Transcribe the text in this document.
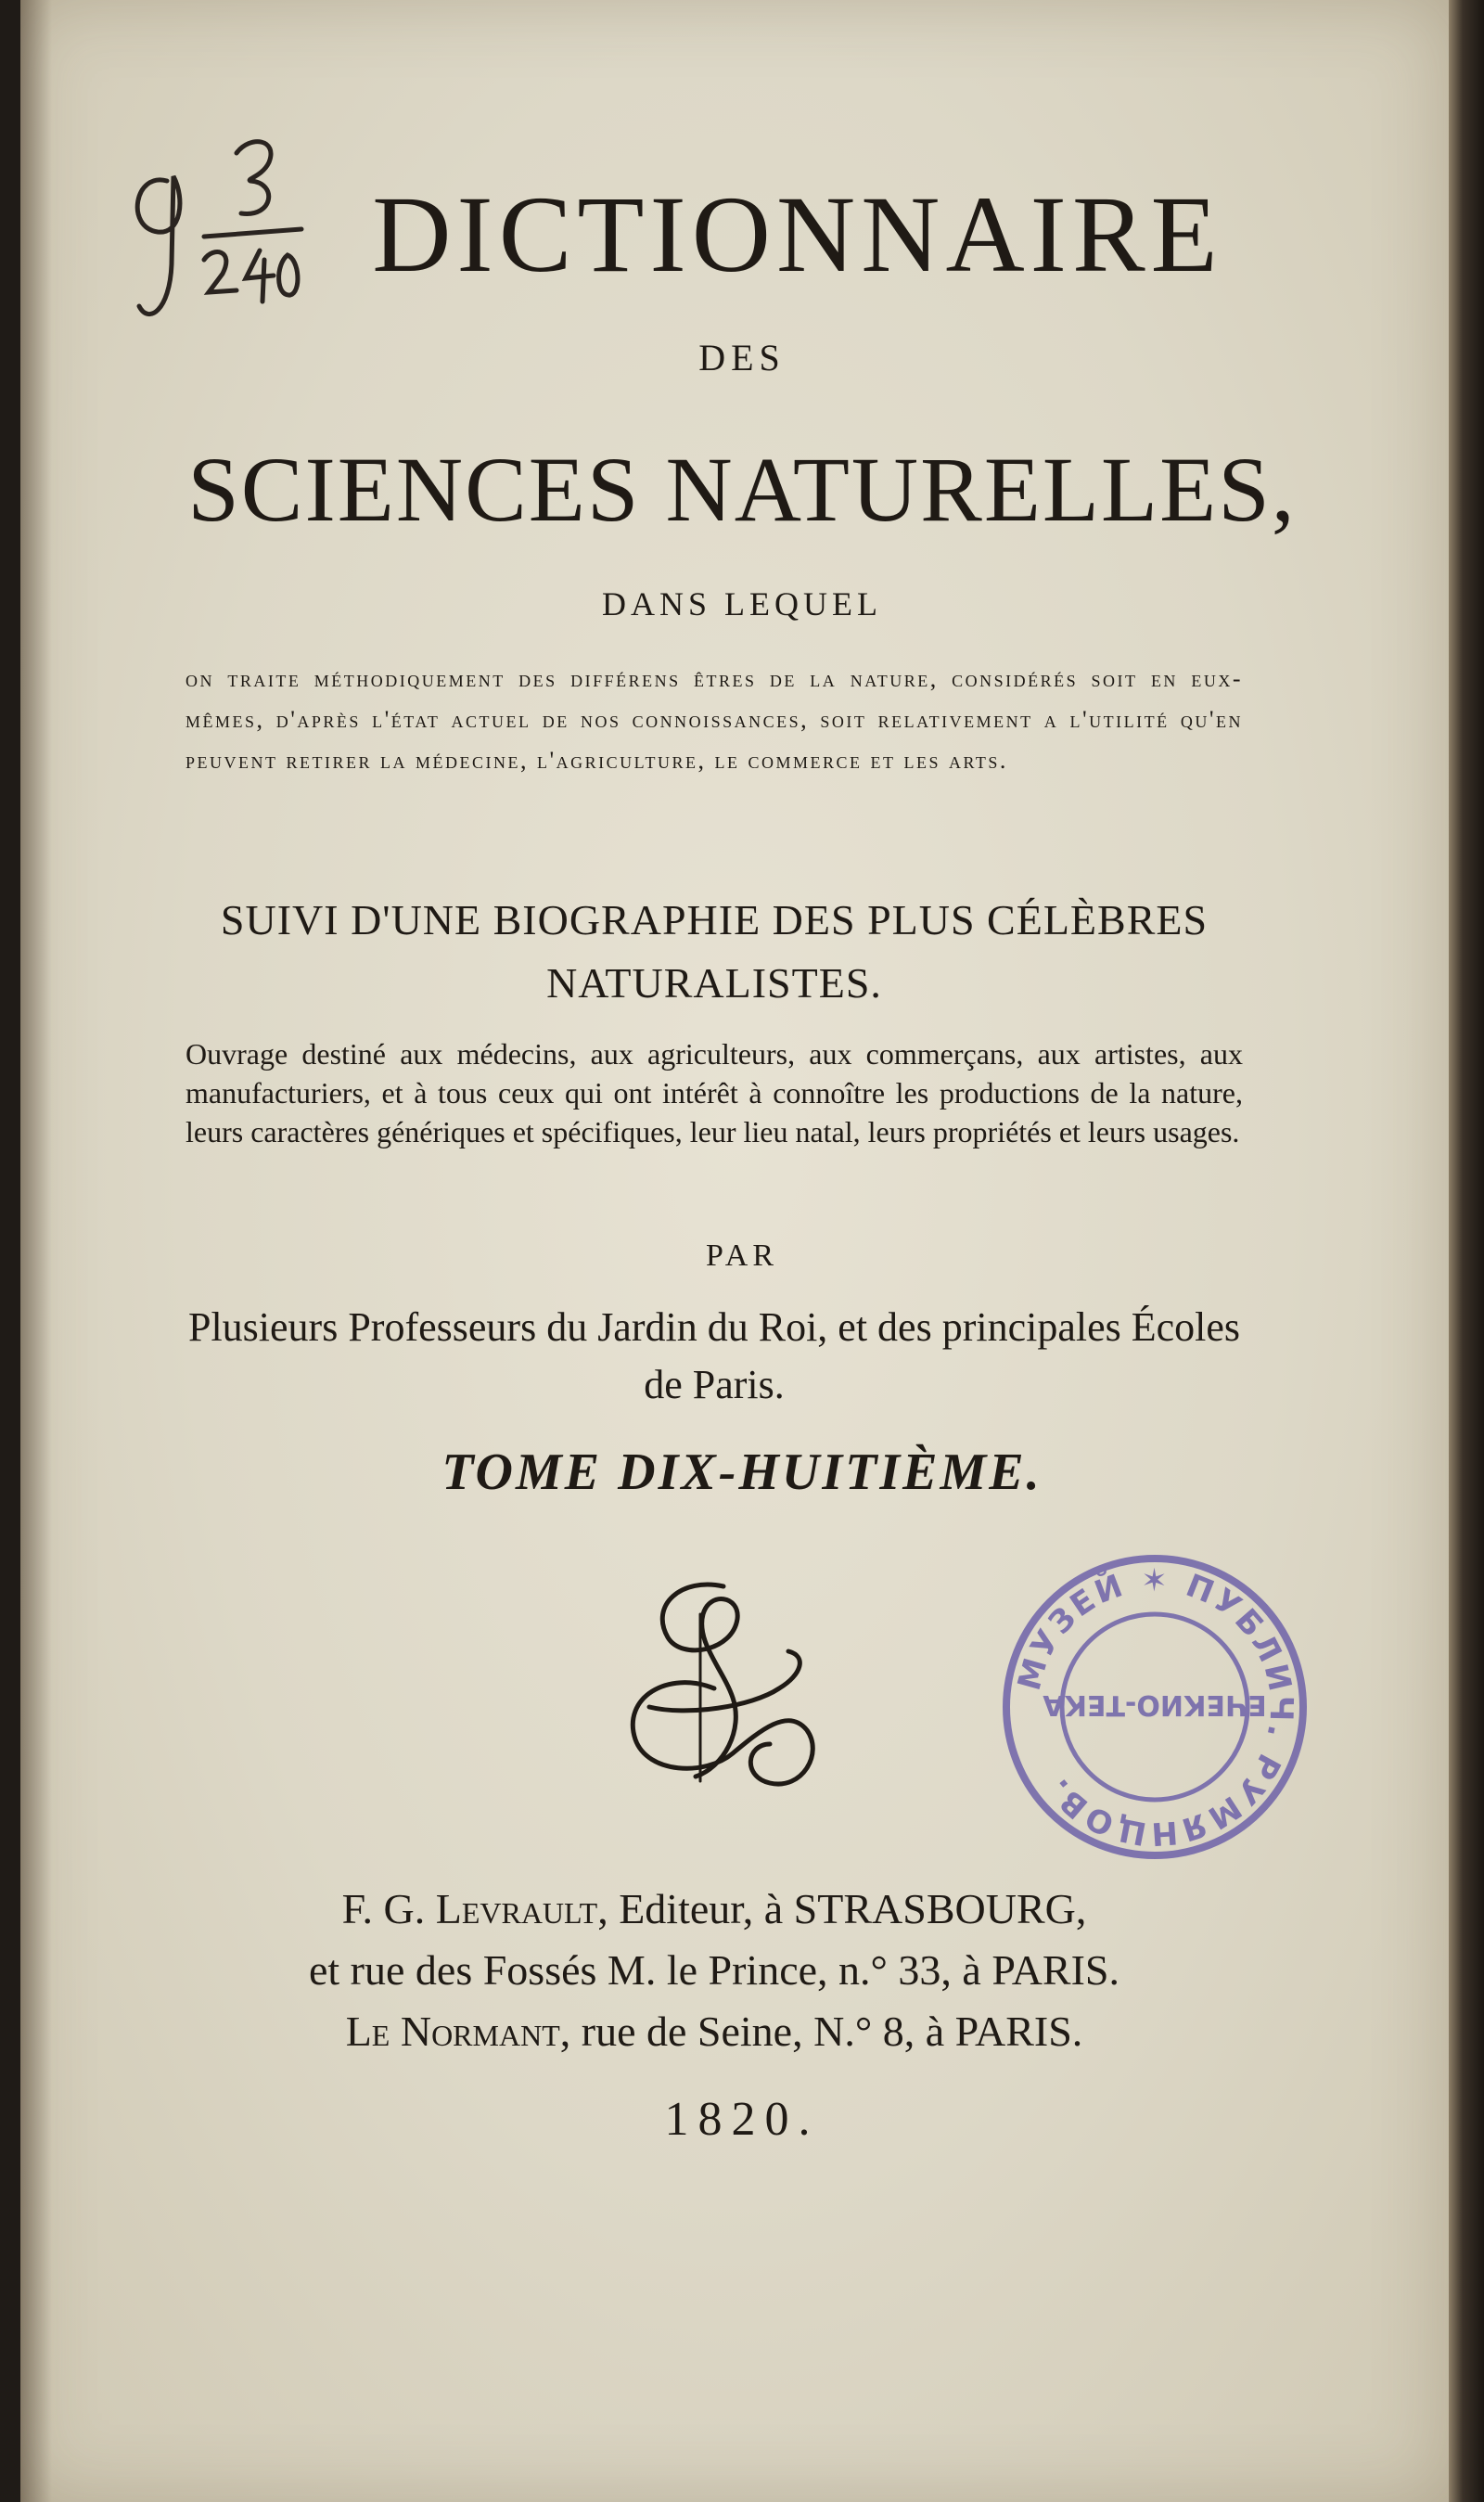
DICTIONNAIRE
DES
SCIENCES NATURELLES,
DANS LEQUEL
on traite méthodiquement des différens êtres de la nature, considérés soit en eux-mêmes, d'après l'état actuel de nos connoissances, soit relativement a l'utilité qu'en peuvent retirer la médecine, l'agriculture, le commerce et les arts.
SUIVI D'UNE BIOGRAPHIE DES PLUS CÉLÈBRES NATURALISTES.
Ouvrage destiné aux médecins, aux agriculteurs, aux commerçans, aux artistes, aux manufacturiers, et à tous ceux qui ont intérêt à connoître les productions de la nature, leurs caractères génériques et spécifiques, leur lieu natal, leurs propriétés et leurs usages.
PAR
Plusieurs Professeurs du Jardin du Roi, et des principales Écoles de Paris.
TOME DIX-HUITIÈME.
МУЗЕЙ ✶ ПУБЛИЧ. РУМЯНЦОВ.
ЕЧЕКИО-ТЕКА
F. G. Levrault, Editeur, à STRASBOURG,
et rue des Fossés M. le Prince, n.° 33, à PARIS.
Le Normant, rue de Seine, N.° 8, à PARIS.
1820.
